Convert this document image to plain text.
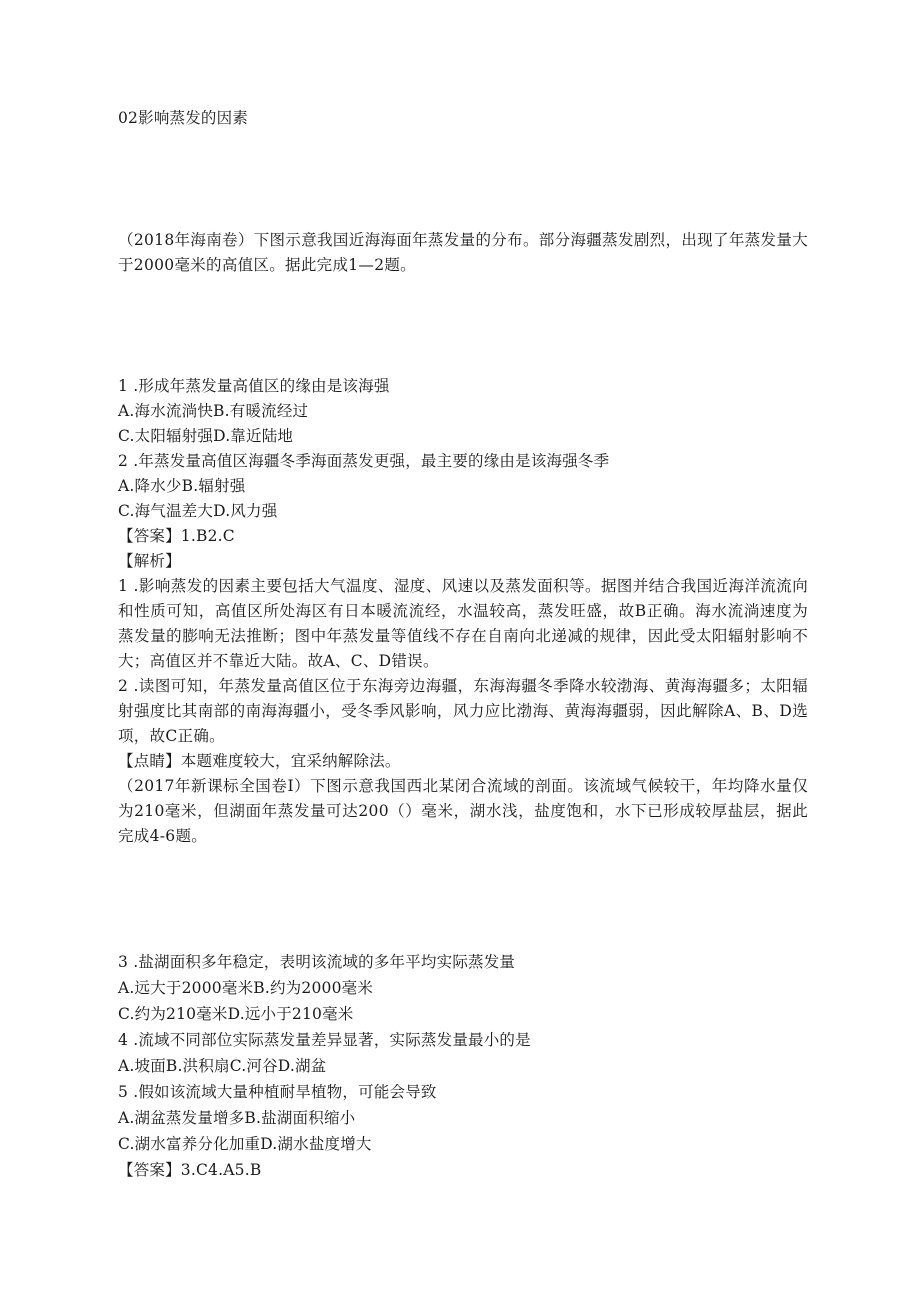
02影响蒸发的因素
（2018年海南卷）下图示意我国近海海面年蒸发量的分布。部分海疆蒸发剧烈，出现了年蒸发量大于2000毫米的高值区。据此完成1—2题。
1 .形成年蒸发量高值区的缘由是该海强
A.海水流淌快B.有暖流经过
C.太阳辐射强D.靠近陆地
2 .年蒸发量高值区海疆冬季海面蒸发更强，最主要的缘由是该海强冬季
A.降水少B.辐射强
C.海气温差大D.风力强
【答案】1.B2.C
【解析】
1 .影响蒸发的因素主要包括大气温度、湿度、风速以及蒸发面积等。据图并结合我国近海洋流流向和性质可知，高值区所处海区有日本暖流流经，水温较高，蒸发旺盛，故B正确。海水流淌速度为蒸发量的膨响无法推断；图中年蒸发量等值线不存在自南向北递减的规律，因此受太阳辐射影响不大；高值区并不靠近大陆。故A、C、D错误。
2 .读图可知，年蒸发量高值区位于东海旁边海疆，东海海疆冬季降水较渤海、黄海海疆多；太阳辐射强度比其南部的南海海疆小，受冬季风影响，风力应比渤海、黄海海疆弱，因此解除A、B、D选项，故C正确。
【点睛】本题难度较大，宜采纳解除法。
（2017年新课标全国卷I）下图示意我国西北某闭合流域的剖面。该流域气候较干，年均降水量仅为210毫米，但湖面年蒸发量可达200（）毫米，湖水浅，盐度饱和，水下已形成较厚盐层，据此完成4-6题。
3 .盐湖面积多年稳定，表明该流域的多年平均实际蒸发量
A.远大于2000毫米B.约为2000毫米
C.约为210毫米D.远小于210毫米
4 .流域不同部位实际蒸发量差异显著，实际蒸发量最小的是
A.坡面B.洪积扇C.河谷D.湖盆
5 .假如该流域大量种植耐旱植物，可能会导致
A.湖盆蒸发量增多B.盐湖面积缩小
C.湖水富养分化加重D.湖水盐度增大
【答案】3.C4.A5.B
